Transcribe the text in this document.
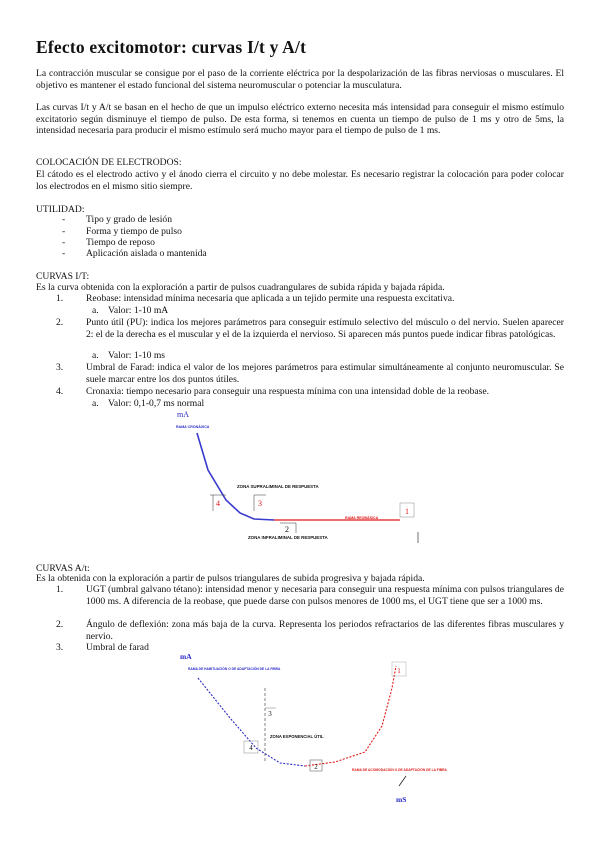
Efecto excitomotor: curvas I/t y A/t
La contracción muscular se consigue por el paso de la corriente eléctrica por la despolarización de las fibras nerviosas o musculares. El objetivo es mantener el estado funcional del sistema neuromuscular o potenciar la musculatura.
Las curvas I/t y A/t se basan en el hecho de que un impulso eléctrico externo necesita más intensidad para conseguir el mismo estímulo excitatorio según disminuye el tiempo de pulso. De esta forma, si tenemos en cuenta un tiempo de pulso de 1 ms y otro de 5ms, la intensidad necesaria para producir el mismo estímulo será mucho mayor para el tiempo de pulso de 1 ms.
COLOCACIÓN DE ELECTRODOS:
El cátodo es el electrodo activo y el ánodo cierra el circuito y no debe molestar. Es necesario registrar la colocación para poder colocar los electrodos en el mismo sitio siempre.
UTILIDAD:
- Tipo y grado de lesión
- Forma y tiempo de pulso
- Tiempo de reposo
- Aplicación aislada o mantenida
CURVAS I/T:
Es la curva obtenida con la exploración a partir de pulsos cuadrangulares de subida rápida y bajada rápida.
1. Reobase: intensidad mínima necesaria que aplicada a un tejido permite una respuesta excitativa.
a. Valor: 1-10 mA
2. Punto útil (PU): indica los mejores parámetros para conseguir estímulo selectivo del músculo o del nervio. Suelen aparecer 2: el de la derecha es el muscular y el de la izquierda el nervioso. Si aparecen más puntos puede indicar fibras patológicas.
a. Valor: 1-10 ms
3. Umbral de Farad: indica el valor de los mejores parámetros para estimular simultáneamente al conjunto neuromuscular. Se suele marcar entre los dos puntos útiles.
4. Cronaxia: tiempo necesario para conseguir una respuesta mínima con una intensidad doble de la reobase.
a. Valor: 0,1-0,7 ms normal
mA
RAMA CRONÁXICA
ZONA SUPRALIMINAL DE RESPUESTA
RAMA REOBÁSICA
ZONA INFRALIMINAL DE RESPUESTA
4	3
2
1
CURVAS A/t:
Es la obtenida con la exploración a partir de pulsos triangulares de subida progresiva y bajada rápida.
1. UGT (umbral galvano tétano): intensidad menor y necesaria para conseguir una respuesta mínima con pulsos triangulares de 1000 ms. A diferencia de la reobase, que puede darse con pulsos menores de 1000 ms, el UGT tiene que ser a 1000 ms.
2. Ángulo de deflexión: zona más baja de la curva. Representa los periodos refractarios de las diferentes fibras musculares y nervio.
3. Umbral de farad
mA
RAMA DE HABITUACIÓN O DE ADAPTACIÓN DE LA FIBRA
ZONA EXPONENCIAL ÚTIL
RAMA DE ACOMODACIÓN O DE ADAPTACIÓN DE LA FIBRA
3
4
2
1
mS
